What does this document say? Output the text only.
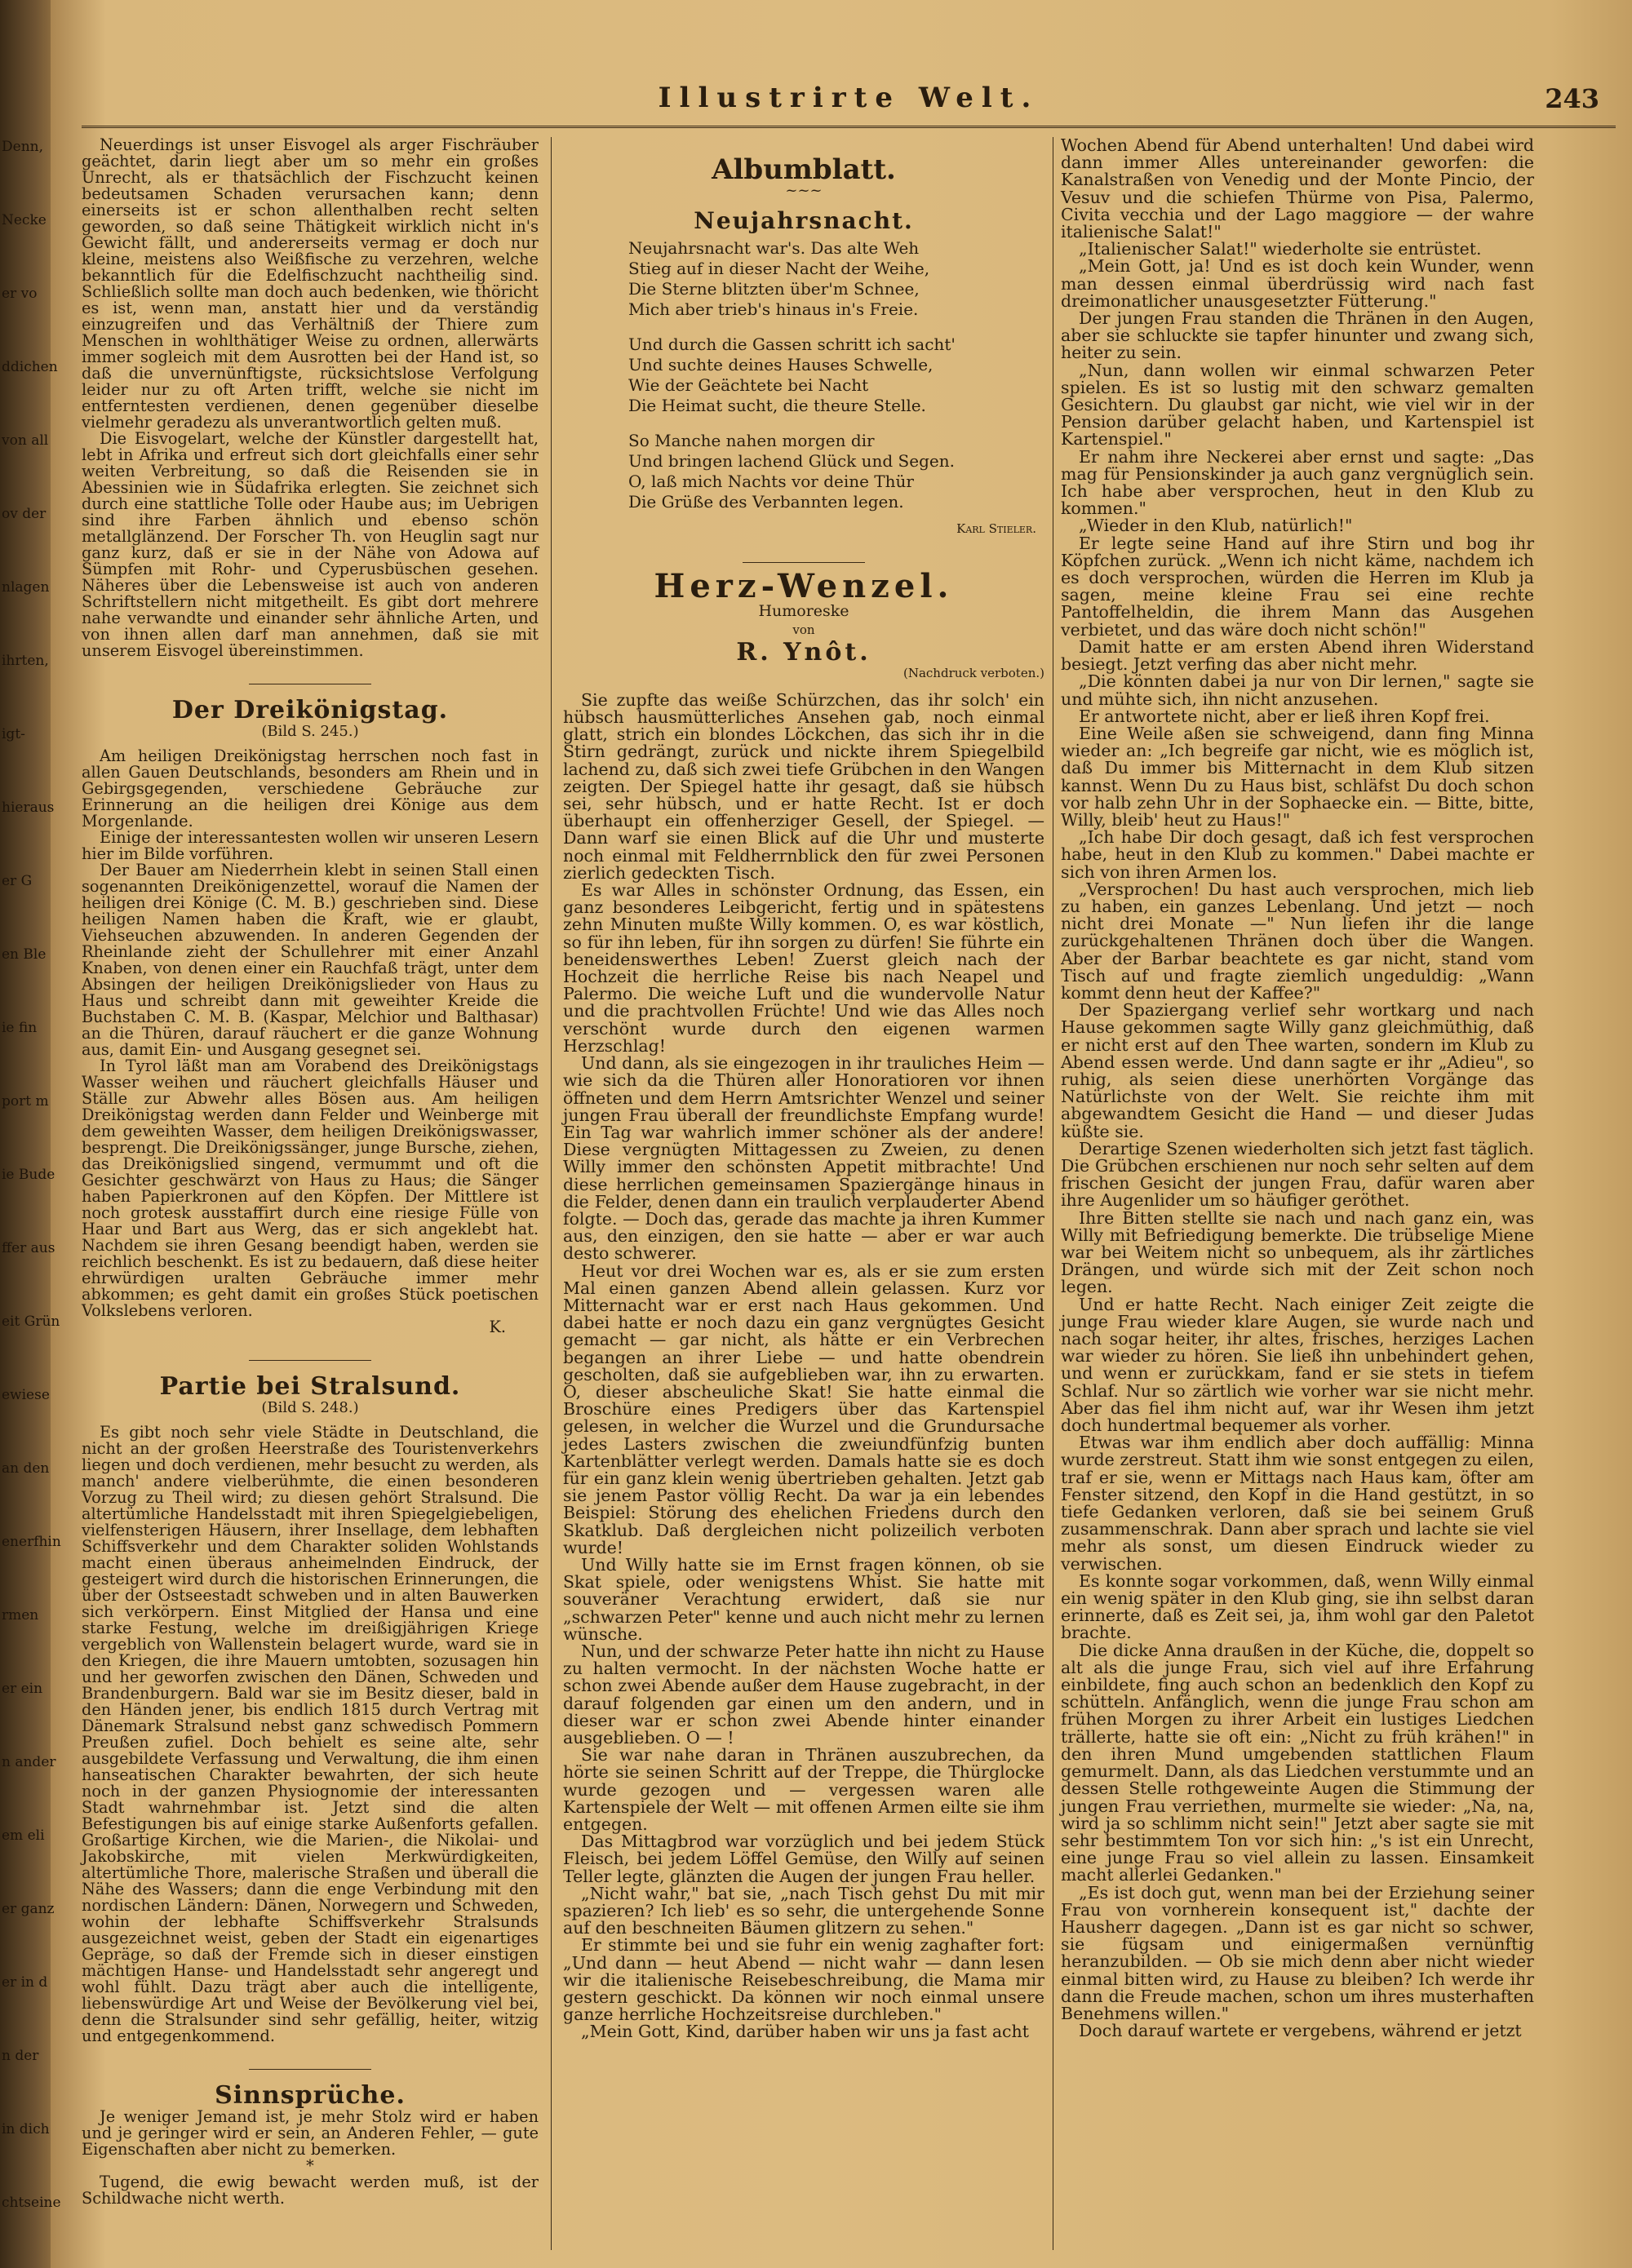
Denn,
Necke
er vo
ddichen
von all
ov der
nlagen
ihrten,
igt-
hieraus
er G
en Ble
ie fin
port m
ie Bude
ffer aus
eit Grün
ewiese
an den
enerfhin
rmen
er ein
n ander
em eli
er ganz
er in d
n der
in dich
chtseine
Illustrirte Welt.	243

Neuerdings ist unser Eisvogel als arger Fischräuber geächtet, darin liegt aber um so mehr ein großes Unrecht, als er thatsächlich der Fischzucht keinen bedeutsamen Schaden verursachen kann; denn einerseits ist er schon allenthalben recht selten geworden, so daß seine Thätigkeit wirklich nicht in's Gewicht fällt, und andererseits vermag er doch nur kleine, meistens also Weißfische zu verzehren, welche bekanntlich für die Edelfischzucht nachtheilig sind. Schließlich sollte man doch auch bedenken, wie thöricht es ist, wenn man, anstatt hier und da verständig einzugreifen und das Verhältniß der Thiere zum Menschen in wohlthätiger Weise zu ordnen, allerwärts immer sogleich mit dem Ausrotten bei der Hand ist, so daß die unvernünftigste, rücksichtslose Verfolgung leider nur zu oft Arten trifft, welche sie nicht im entferntesten verdienen, denen gegenüber dieselbe vielmehr geradezu als unverantwortlich gelten muß.

Die Eisvogelart, welche der Künstler dargestellt hat, lebt in Afrika und erfreut sich dort gleichfalls einer sehr weiten Verbreitung, so daß die Reisenden sie in Abessinien wie in Südafrika erlegten. Sie zeichnet sich durch eine stattliche Tolle oder Haube aus; im Uebrigen sind ihre Farben ähnlich und ebenso schön metallglänzend. Der Forscher Th. von Heuglin sagt nur ganz kurz, daß er sie in der Nähe von Adowa auf Sümpfen mit Rohr- und Cyperusbüschen gesehen. Näheres über die Lebensweise ist auch von anderen Schriftstellern nicht mitgetheilt. Es gibt dort mehrere nahe verwandte und einander sehr ähnliche Arten, und von ihnen allen darf man annehmen, daß sie mit unserem Eisvogel übereinstimmen.

Der Dreikönigstag.
(Bild S. 245.)

Am heiligen Dreikönigstag herrschen noch fast in allen Gauen Deutschlands, besonders am Rhein und in Gebirgsgegenden, verschiedene Gebräuche zur Erinnerung an die heiligen drei Könige aus dem Morgenlande.

Einige der interessantesten wollen wir unseren Lesern hier im Bilde vorführen.

Der Bauer am Niederrhein klebt in seinen Stall einen sogenannten Dreikönigenzettel, worauf die Namen der heiligen drei Könige (C. M. B.) geschrieben sind. Diese heiligen Namen haben die Kraft, wie er glaubt, Viehseuchen abzuwenden. In anderen Gegenden der Rheinlande zieht der Schullehrer mit einer Anzahl Knaben, von denen einer ein Rauchfaß trägt, unter dem Absingen der heiligen Dreikönigslieder von Haus zu Haus und schreibt dann mit geweihter Kreide die Buchstaben C. M. B. (Kaspar, Melchior und Balthasar) an die Thüren, darauf räuchert er die ganze Wohnung aus, damit Ein- und Ausgang gesegnet sei.

In Tyrol läßt man am Vorabend des Dreikönigstags Wasser weihen und räuchert gleichfalls Häuser und Ställe zur Abwehr alles Bösen aus. Am heiligen Dreikönigstag werden dann Felder und Weinberge mit dem geweihten Wasser, dem heiligen Dreikönigswasser, besprengt. Die Dreikönigssänger, junge Bursche, ziehen, das Dreikönigslied singend, vermummt und oft die Gesichter geschwärzt von Haus zu Haus; die Sänger haben Papierkronen auf den Köpfen. Der Mittlere ist noch grotesk ausstaffirt durch eine riesige Fülle von Haar und Bart aus Werg, das er sich angeklebt hat. Nachdem sie ihren Gesang beendigt haben, werden sie reichlich beschenkt. Es ist zu bedauern, daß diese heiter ehrwürdigen uralten Gebräuche immer mehr abkommen; es geht damit ein großes Stück poetischen Volkslebens verloren.

K.
Partie bei Stralsund.
(Bild S. 248.)

Es gibt noch sehr viele Städte in Deutschland, die nicht an der großen Heerstraße des Touristenverkehrs liegen und doch verdienen, mehr besucht zu werden, als manch' andere vielberühmte, die einen besonderen Vorzug zu Theil wird; zu diesen gehört Stralsund. Die altertümliche Handelsstadt mit ihren Spiegelgiebeligen, vielfensterigen Häusern, ihrer Insellage, dem lebhaften Schiffsverkehr und dem Charakter soliden Wohlstands macht einen überaus anheimelnden Eindruck, der gesteigert wird durch die historischen Erinnerungen, die über der Ostseestadt schweben und in alten Bauwerken sich verkörpern. Einst Mitglied der Hansa und eine starke Festung, welche im dreißigjährigen Kriege vergeblich von Wallenstein belagert wurde, ward sie in den Kriegen, die ihre Mauern umtobten, sozusagen hin und her geworfen zwischen den Dänen, Schweden und Brandenburgern. Bald war sie im Besitz dieser, bald in den Händen jener, bis endlich 1815 durch Vertrag mit Dänemark Stralsund nebst ganz schwedisch Pommern Preußen zufiel. Doch behielt es seine alte, sehr ausgebildete Verfassung und Verwaltung, die ihm einen hanseatischen Charakter bewahrten, der sich heute noch in der ganzen Physiognomie der interessanten Stadt wahrnehmbar ist. Jetzt sind die alten Befestigungen bis auf einige starke Außenforts gefallen. Großartige Kirchen, wie die Marien-, die Nikolai- und Jakobskirche, mit vielen Merkwürdigkeiten, altertümliche Thore, malerische Straßen und überall die Nähe des Wassers; dann die enge Verbindung mit den nordischen Ländern: Dänen, Norwegern und Schweden, wohin der lebhafte Schiffsverkehr Stralsunds ausgezeichnet weist, geben der Stadt ein eigenartiges Gepräge, so daß der Fremde sich in dieser einstigen mächtigen Hanse- und Handelsstadt sehr angeregt und wohl fühlt. Dazu trägt aber auch die intelligente, liebenswürdige Art und Weise der Bevölkerung viel bei, denn die Stralsunder sind sehr gefällig, heiter, witzig und entgegenkommend.

Sinnsprüche.

Je weniger Jemand ist, je mehr Stolz wird er haben und je geringer wird er sein, an Anderen Fehler, — gute Eigenschaften aber nicht zu bemerken.

*

Tugend, die ewig bewacht werden muß, ist der Schildwache nicht werth.

Albumblatt.
~~~
Neujahrsnacht.
Neujahrsnacht war's. Das alte Weh
Stieg auf in dieser Nacht der Weihe,
Die Sterne blitzten über'm Schnee,
Mich aber trieb's hinaus in's Freie.
Und durch die Gassen schritt ich sacht'
Und suchte deines Hauses Schwelle,
Wie der Geächtete bei Nacht
Die Heimat sucht, die theure Stelle.
So Manche nahen morgen dir
Und bringen lachend Glück und Segen.
O, laß mich Nachts vor deine Thür
Die Grüße des Verbannten legen.
Karl Stieler.
Herz-Wenzel.
Humoreske
von
R. Ynôt.
(Nachdruck verboten.)

Sie zupfte das weiße Schürzchen, das ihr solch' ein hübsch hausmütterliches Ansehen gab, noch einmal glatt, strich ein blondes Löckchen, das sich ihr in die Stirn gedrängt, zurück und nickte ihrem Spiegelbild lachend zu, daß sich zwei tiefe Grübchen in den Wangen zeigten. Der Spiegel hatte ihr gesagt, daß sie hübsch sei, sehr hübsch, und er hatte Recht. Ist er doch überhaupt ein offenherziger Gesell, der Spiegel. — Dann warf sie einen Blick auf die Uhr und musterte noch einmal mit Feldherrnblick den für zwei Personen zierlich gedeckten Tisch.

Es war Alles in schönster Ordnung, das Essen, ein ganz besonderes Leibgericht, fertig und in spätestens zehn Minuten mußte Willy kommen. O, es war köstlich, so für ihn leben, für ihn sorgen zu dürfen! Sie führte ein beneidenswerthes Leben! Zuerst gleich nach der Hochzeit die herrliche Reise bis nach Neapel und Palermo. Die weiche Luft und die wundervolle Natur und die prachtvollen Früchte! Und wie das Alles noch verschönt wurde durch den eigenen warmen Herzschlag!

Und dann, als sie eingezogen in ihr trauliches Heim — wie sich da die Thüren aller Honoratioren vor ihnen öffneten und dem Herrn Amtsrichter Wenzel und seiner jungen Frau überall der freundlichste Empfang wurde! Ein Tag war wahrlich immer schöner als der andere! Diese vergnügten Mittagessen zu Zweien, zu denen Willy immer den schönsten Appetit mitbrachte! Und diese herrlichen gemeinsamen Spaziergänge hinaus in die Felder, denen dann ein traulich verplauderter Abend folgte. — Doch das, gerade das machte ja ihren Kummer aus, den einzigen, den sie hatte — aber er war auch desto schwerer.

Heut vor drei Wochen war es, als er sie zum ersten Mal einen ganzen Abend allein gelassen. Kurz vor Mitternacht war er erst nach Haus gekommen. Und dabei hatte er noch dazu ein ganz vergnügtes Gesicht gemacht — gar nicht, als hätte er ein Verbrechen begangen an ihrer Liebe — und hatte obendrein gescholten, daß sie aufgeblieben war, ihn zu erwarten. O, dieser abscheuliche Skat! Sie hatte einmal die Broschüre eines Predigers über das Kartenspiel gelesen, in welcher die Wurzel und die Grundursache jedes Lasters zwischen die zweiundfünfzig bunten Kartenblätter verlegt werden. Damals hatte sie es doch für ein ganz klein wenig übertrieben gehalten. Jetzt gab sie jenem Pastor völlig Recht. Da war ja ein lebendes Beispiel: Störung des ehelichen Friedens durch den Skatklub. Daß dergleichen nicht polizeilich verboten wurde!

Und Willy hatte sie im Ernst fragen können, ob sie Skat spiele, oder wenigstens Whist. Sie hatte mit souveräner Verachtung erwidert, daß sie nur „schwarzen Peter" kenne und auch nicht mehr zu lernen wünsche.

Nun, und der schwarze Peter hatte ihn nicht zu Hause zu halten vermocht. In der nächsten Woche hatte er schon zwei Abende außer dem Hause zugebracht, in der darauf folgenden gar einen um den andern, und in dieser war er schon zwei Abende hinter einander ausgeblieben. O — !

Sie war nahe daran in Thränen auszubrechen, da hörte sie seinen Schritt auf der Treppe, die Thürglocke wurde gezogen und — vergessen waren alle Kartenspiele der Welt — mit offenen Armen eilte sie ihm entgegen.

Das Mittagbrod war vorzüglich und bei jedem Stück Fleisch, bei jedem Löffel Gemüse, den Willy auf seinen Teller legte, glänzten die Augen der jungen Frau heller.

„Nicht wahr," bat sie, „nach Tisch gehst Du mit mir spazieren? Ich lieb' es so sehr, die untergehende Sonne auf den beschneiten Bäumen glitzern zu sehen."

Er stimmte bei und sie fuhr ein wenig zaghafter fort: „Und dann — heut Abend — nicht wahr — dann lesen wir die italienische Reisebeschreibung, die Mama mir gestern geschickt. Da können wir noch einmal unsere ganze herrliche Hochzeitsreise durchleben."

„Mein Gott, Kind, darüber haben wir uns ja fast acht

Wochen Abend für Abend unterhalten! Und dabei wird dann immer Alles untereinander geworfen: die Kanalstraßen von Venedig und der Monte Pincio, der Vesuv und die schiefen Thürme von Pisa, Palermo, Civita vecchia und der Lago maggiore — der wahre italienische Salat!"

„Italienischer Salat!" wiederholte sie entrüstet.

„Mein Gott, ja! Und es ist doch kein Wunder, wenn man dessen einmal überdrüssig wird nach fast dreimonatlicher unausgesetzter Fütterung."

Der jungen Frau standen die Thränen in den Augen, aber sie schluckte sie tapfer hinunter und zwang sich, heiter zu sein.

„Nun, dann wollen wir einmal schwarzen Peter spielen. Es ist so lustig mit den schwarz gemalten Gesichtern. Du glaubst gar nicht, wie viel wir in der Pension darüber gelacht haben, und Kartenspiel ist Kartenspiel."

Er nahm ihre Neckerei aber ernst und sagte: „Das mag für Pensionskinder ja auch ganz vergnüglich sein. Ich habe aber versprochen, heut in den Klub zu kommen."

„Wieder in den Klub, natürlich!"

Er legte seine Hand auf ihre Stirn und bog ihr Köpfchen zurück. „Wenn ich nicht käme, nachdem ich es doch versprochen, würden die Herren im Klub ja sagen, meine kleine Frau sei eine rechte Pantoffelheldin, die ihrem Mann das Ausgehen verbietet, und das wäre doch nicht schön!"

Damit hatte er am ersten Abend ihren Widerstand besiegt. Jetzt verfing das aber nicht mehr.

„Die könnten dabei ja nur von Dir lernen," sagte sie und mühte sich, ihn nicht anzusehen.

Er antwortete nicht, aber er ließ ihren Kopf frei.

Eine Weile aßen sie schweigend, dann fing Minna wieder an: „Ich begreife gar nicht, wie es möglich ist, daß Du immer bis Mitternacht in dem Klub sitzen kannst. Wenn Du zu Haus bist, schläfst Du doch schon vor halb zehn Uhr in der Sophaecke ein. — Bitte, bitte, Willy, bleib' heut zu Haus!"

„Ich habe Dir doch gesagt, daß ich fest versprochen habe, heut in den Klub zu kommen." Dabei machte er sich von ihren Armen los.

„Versprochen! Du hast auch versprochen, mich lieb zu haben, ein ganzes Lebenlang. Und jetzt — noch nicht drei Monate —" Nun liefen ihr die lange zurückgehaltenen Thränen doch über die Wangen. Aber der Barbar beachtete es gar nicht, stand vom Tisch auf und fragte ziemlich ungeduldig: „Wann kommt denn heut der Kaffee?"

Der Spaziergang verlief sehr wortkarg und nach Hause gekommen sagte Willy ganz gleichmüthig, daß er nicht erst auf den Thee warten, sondern im Klub zu Abend essen werde. Und dann sagte er ihr „Adieu", so ruhig, als seien diese unerhörten Vorgänge das Natürlichste von der Welt. Sie reichte ihm mit abgewandtem Gesicht die Hand — und dieser Judas küßte sie.

Derartige Szenen wiederholten sich jetzt fast täglich. Die Grübchen erschienen nur noch sehr selten auf dem frischen Gesicht der jungen Frau, dafür waren aber ihre Augenlider um so häufiger geröthet.

Ihre Bitten stellte sie nach und nach ganz ein, was Willy mit Befriedigung bemerkte. Die trübselige Miene war bei Weitem nicht so unbequem, als ihr zärtliches Drängen, und würde sich mit der Zeit schon noch legen.

Und er hatte Recht. Nach einiger Zeit zeigte die junge Frau wieder klare Augen, sie wurde nach und nach sogar heiter, ihr altes, frisches, herziges Lachen war wieder zu hören. Sie ließ ihn unbehindert gehen, und wenn er zurückkam, fand er sie stets in tiefem Schlaf. Nur so zärtlich wie vorher war sie nicht mehr. Aber das fiel ihm nicht auf, war ihr Wesen ihm jetzt doch hundertmal bequemer als vorher.

Etwas war ihm endlich aber doch auffällig: Minna wurde zerstreut. Statt ihm wie sonst entgegen zu eilen, traf er sie, wenn er Mittags nach Haus kam, öfter am Fenster sitzend, den Kopf in die Hand gestützt, in so tiefe Gedanken verloren, daß sie bei seinem Gruß zusammenschrak. Dann aber sprach und lachte sie viel mehr als sonst, um diesen Eindruck wieder zu verwischen.

Es konnte sogar vorkommen, daß, wenn Willy einmal ein wenig später in den Klub ging, sie ihn selbst daran erinnerte, daß es Zeit sei, ja, ihm wohl gar den Paletot brachte.

Die dicke Anna draußen in der Küche, die, doppelt so alt als die junge Frau, sich viel auf ihre Erfahrung einbildete, fing auch schon an bedenklich den Kopf zu schütteln. Anfänglich, wenn die junge Frau schon am frühen Morgen zu ihrer Arbeit ein lustiges Liedchen trällerte, hatte sie oft ein: „Nicht zu früh krähen!" in den ihren Mund umgebenden stattlichen Flaum gemurmelt. Dann, als das Liedchen verstummte und an dessen Stelle rothgeweinte Augen die Stimmung der jungen Frau verriethen, murmelte sie wieder: „Na, na, wird ja so schlimm nicht sein!" Jetzt aber sagte sie mit sehr bestimmtem Ton vor sich hin: „'s ist ein Unrecht, eine junge Frau so viel allein zu lassen. Einsamkeit macht allerlei Gedanken."

„Es ist doch gut, wenn man bei der Erziehung seiner Frau von vornherein konsequent ist," dachte der Hausherr dagegen. „Dann ist es gar nicht so schwer, sie fügsam und einigermaßen vernünftig heranzubilden. — Ob sie mich denn aber nicht wieder einmal bitten wird, zu Hause zu bleiben? Ich werde ihr dann die Freude machen, schon um ihres musterhaften Benehmens willen."

Doch darauf wartete er vergebens, während er jetzt
